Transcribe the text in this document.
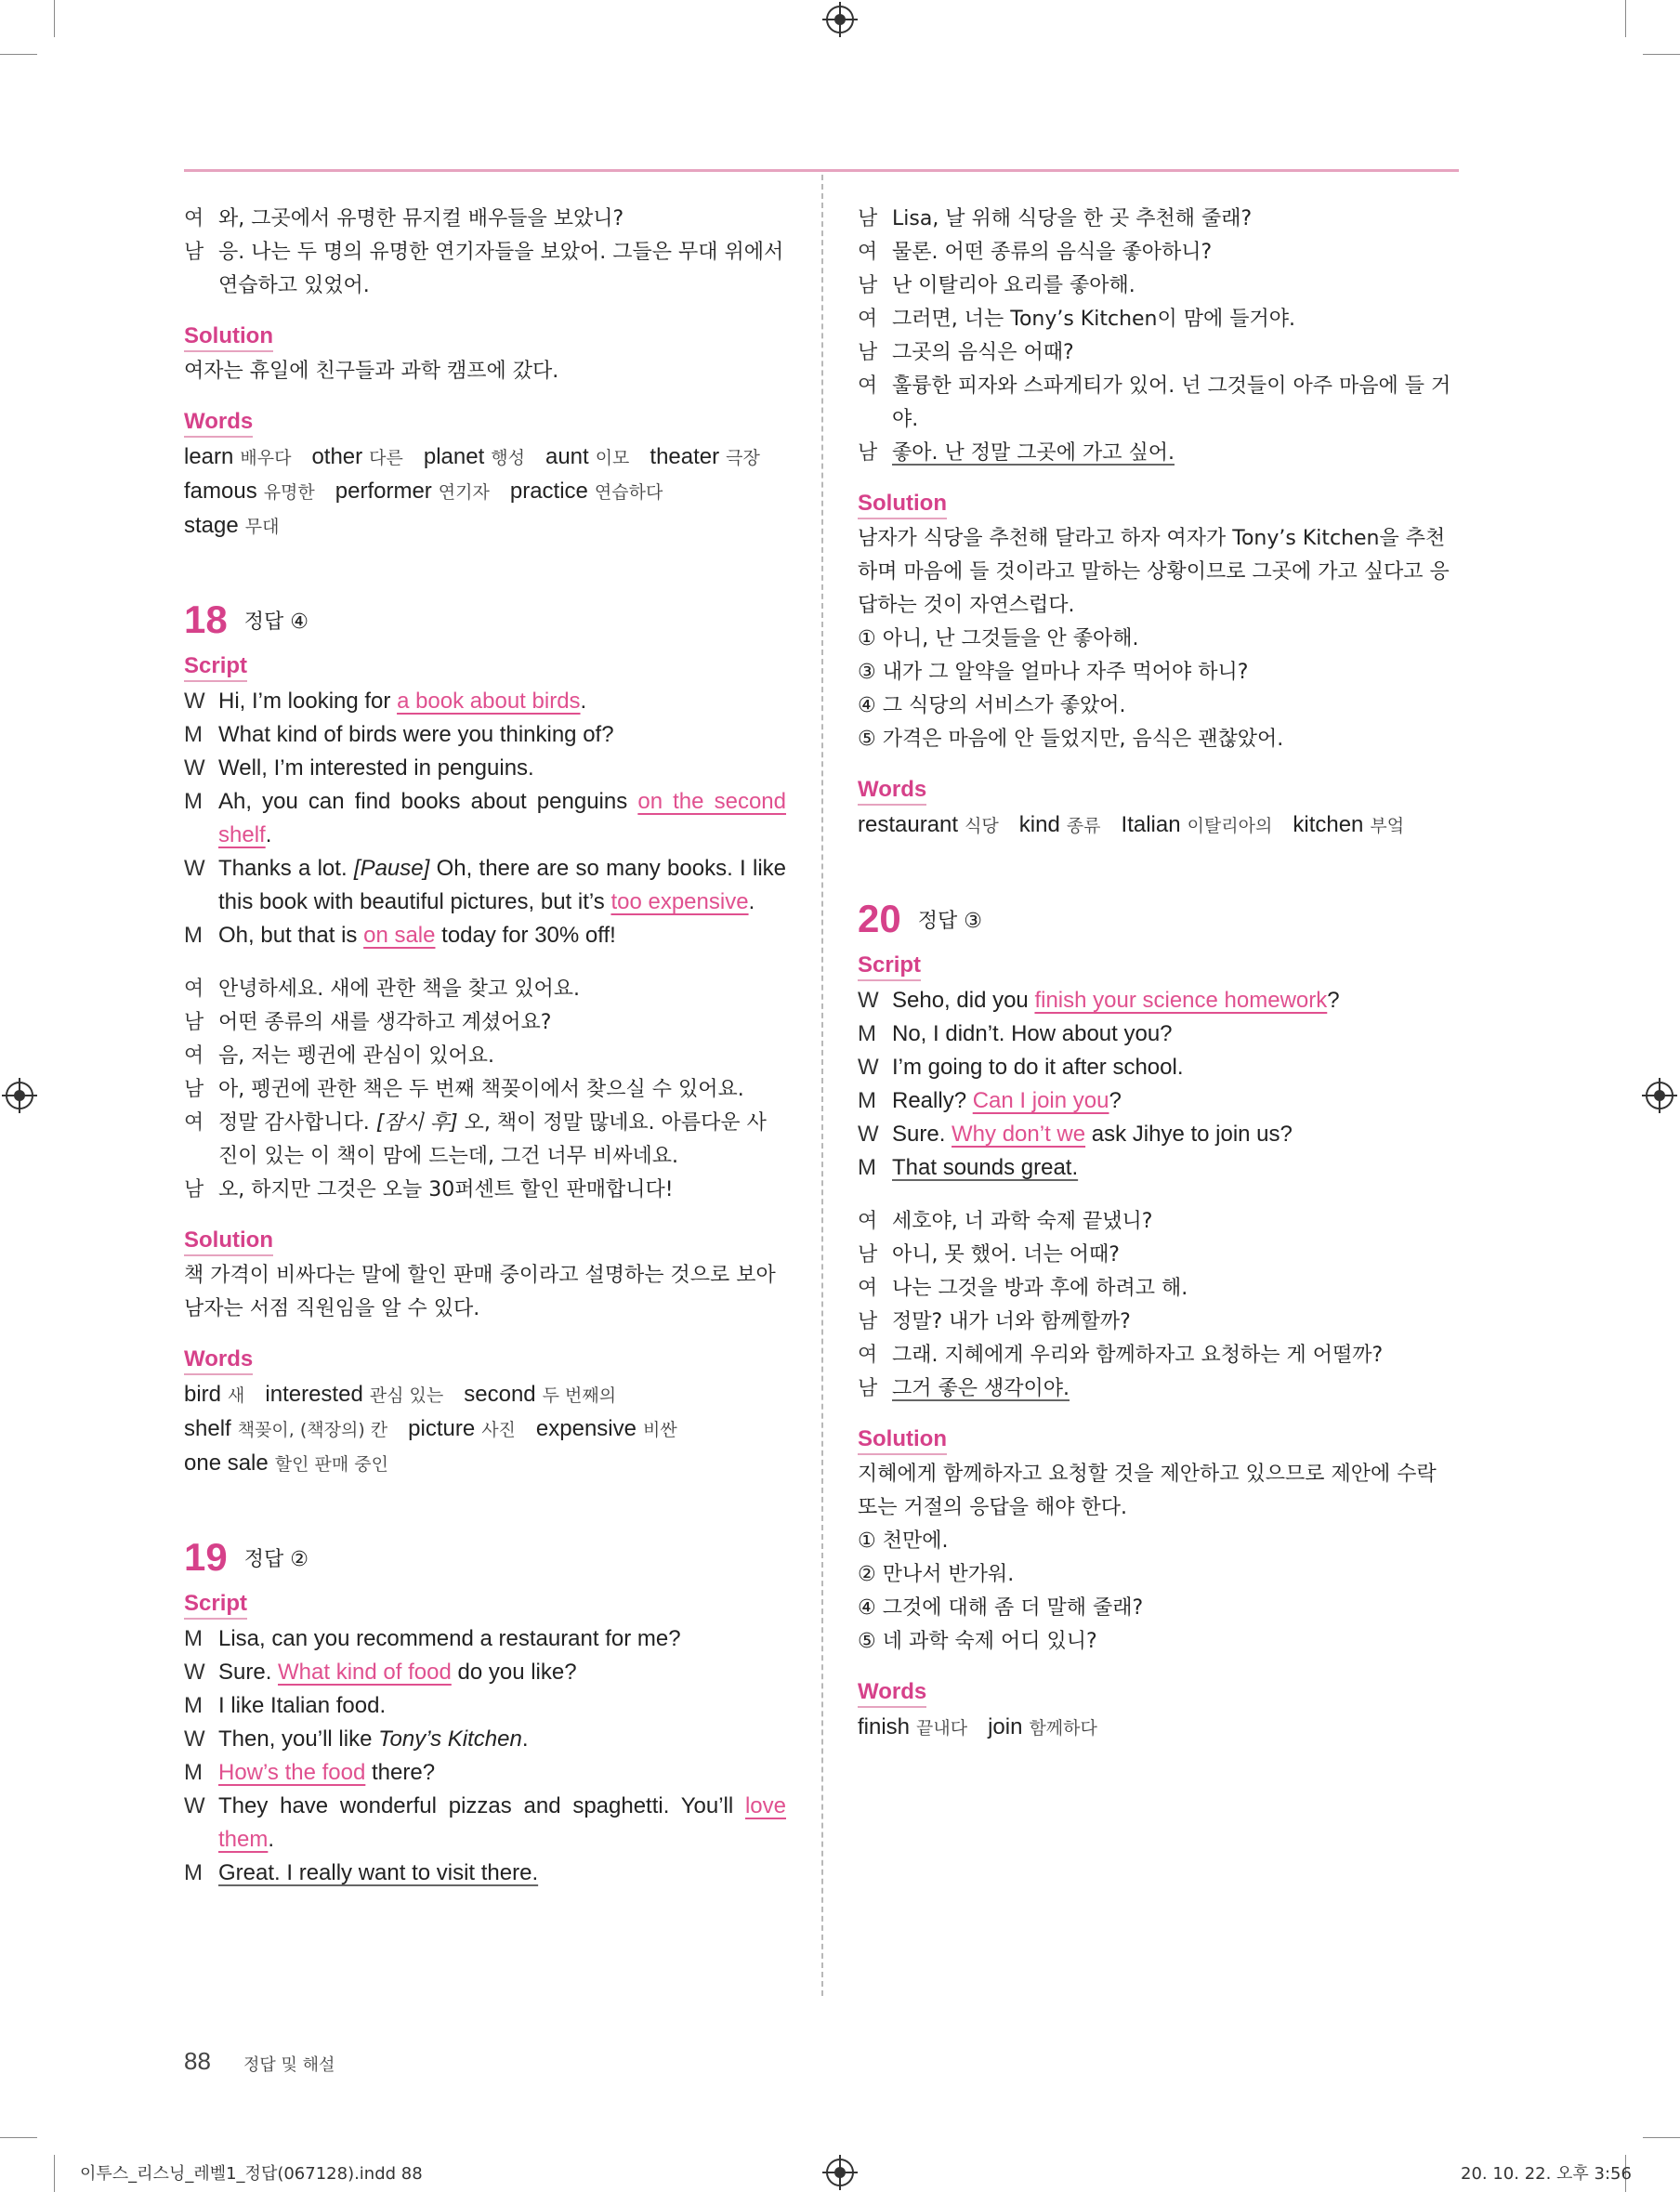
여 와, 그곳에서 유명한 뮤지컬 배우들을 보았니?
남 응. 나는 두 명의 유명한 연기자들을 보았어. 그들은 무대 위에서 연습하고 있었어.
Solution
여자는 휴일에 친구들과 과학 캠프에 갔다.
Words
learn 배우다 other 다른 planet 행성 aunt 이모 theater 극장
famous 유명한 performer 연기자 practice 연습하다
stage 무대
18 정답 ④
Script
W Hi, I’m looking for a book about birds.
M What kind of birds were you thinking of?
W Well, I’m interested in penguins.
M Ah, you can find books about penguins on the second shelf.
W Thanks a lot. [Pause] Oh, there are so many books. I like this book with beautiful pictures, but it’s too expensive.
M Oh, but that is on sale today for 30% off!
여 안녕하세요. 새에 관한 책을 찾고 있어요.
남 어떤 종류의 새를 생각하고 계셨어요?
여 음, 저는 펭귄에 관심이 있어요.
남 아, 펭귄에 관한 책은 두 번째 책꽂이에서 찾으실 수 있어요.
여 정말 감사합니다. [잠시 후] 오, 책이 정말 많네요. 아름다운 사진이 있는 이 책이 맘에 드는데, 그건 너무 비싸네요.
남 오, 하지만 그것은 오늘 30퍼센트 할인 판매합니다!
Solution
책 가격이 비싸다는 말에 할인 판매 중이라고 설명하는 것으로 보아 남자는 서점 직원임을 알 수 있다.
Words
bird 새 interested 관심 있는 second 두 번째의
shelf 책꽂이, (책장의) 칸 picture 사진 expensive 비싼
one sale 할인 판매 중인
19 정답 ②
Script
M Lisa, can you recommend a restaurant for me?
W Sure. What kind of food do you like?
M I like Italian food.
W Then, you’ll like Tony’s Kitchen.
M How’s the food there?
W They have wonderful pizzas and spaghetti. You’ll love them.
M Great. I really want to visit there.
남 Lisa, 날 위해 식당을 한 곳 추천해 줄래?
여 물론. 어떤 종류의 음식을 좋아하니?
남 난 이탈리아 요리를 좋아해.
여 그러면, 너는 Tony’s Kitchen이 맘에 들거야.
남 그곳의 음식은 어때?
여 훌륭한 피자와 스파게티가 있어. 넌 그것들이 아주 마음에 들 거야.
남 좋아. 난 정말 그곳에 가고 싶어.
Solution
남자가 식당을 추천해 달라고 하자 여자가 Tony’s Kitchen을 추천하며 마음에 들 것이라고 말하는 상황이므로 그곳에 가고 싶다고 응답하는 것이 자연스럽다.
① 아니, 난 그것들을 안 좋아해.
③ 내가 그 알약을 얼마나 자주 먹어야 하니?
④ 그 식당의 서비스가 좋았어.
⑤ 가격은 마음에 안 들었지만, 음식은 괜찮았어.
Words
restaurant 식당 kind 종류 Italian 이탈리아의 kitchen 부엌
20 정답 ③
Script
W Seho, did you finish your science homework?
M No, I didn’t. How about you?
W I’m going to do it after school.
M Really? Can I join you?
W Sure. Why don’t we ask Jihye to join us?
M That sounds great.
여 세호야, 너 과학 숙제 끝냈니?
남 아니, 못 했어. 너는 어때?
여 나는 그것을 방과 후에 하려고 해.
남 정말? 내가 너와 함께할까?
여 그래. 지혜에게 우리와 함께하자고 요청하는 게 어떨까?
남 그거 좋은 생각이야.
Solution
지혜에게 함께하자고 요청할 것을 제안하고 있으므로 제안에 수락 또는 거절의 응답을 해야 한다.
① 천만에.
② 만나서 반가워.
④ 그것에 대해 좀 더 말해 줄래?
⑤ 네 과학 숙제 어디 있니?
Words
finish 끝내다 join 함께하다
88 정답 및 해설
이투스_리스닝_레벨1_정답(067128).indd 88	20. 10. 22. 오후 3:56
